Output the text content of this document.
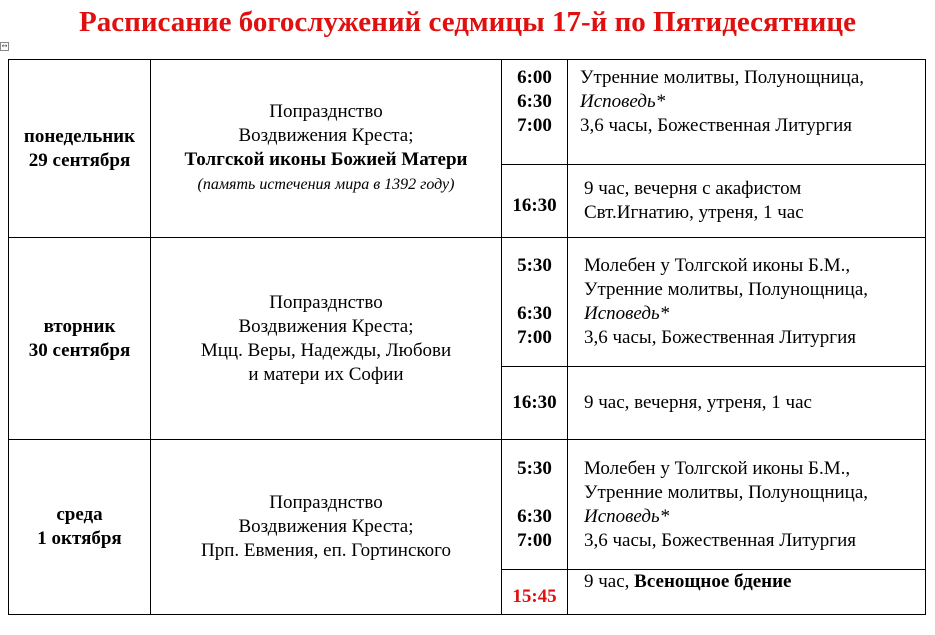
Расписание богослужений седмицы 17-й по Пятидесятнице
↔
понедельник
29 сентября	Попразднство
Воздвижения Креста;
Толгской иконы Божией Матери
(память истечения мира в 1392 году)	6:00
6:30
7:00	Утренние молитвы, Полунощница,
Исповедь*
3,6 часы, Божественная Литургия
		16:30	9 час, вечерня с акафистом
Свт.Игнатию, утреня, 1 час
вторник
30 сентября	Попразднство
Воздвижения Креста;
Мцц. Веры, Надежды, Любови
и матери их Софии	5:30

6:30
7:00	Молебен у Толгской иконы Б.М.,
Утренние молитвы, Полунощница,
Исповедь*
3,6 часы, Божественная Литургия
		16:30	9 час, вечерня, утреня, 1 час
среда
1 октября	Попразднство
Воздвижения Креста;
Прп. Евмения, еп. Гортинского	5:30

6:30
7:00	Молебен у Толгской иконы Б.М.,
Утренние молитвы, Полунощница,
Исповедь*
3,6 часы, Божественная Литургия
		15:45	9 час, Всенощное бдение
